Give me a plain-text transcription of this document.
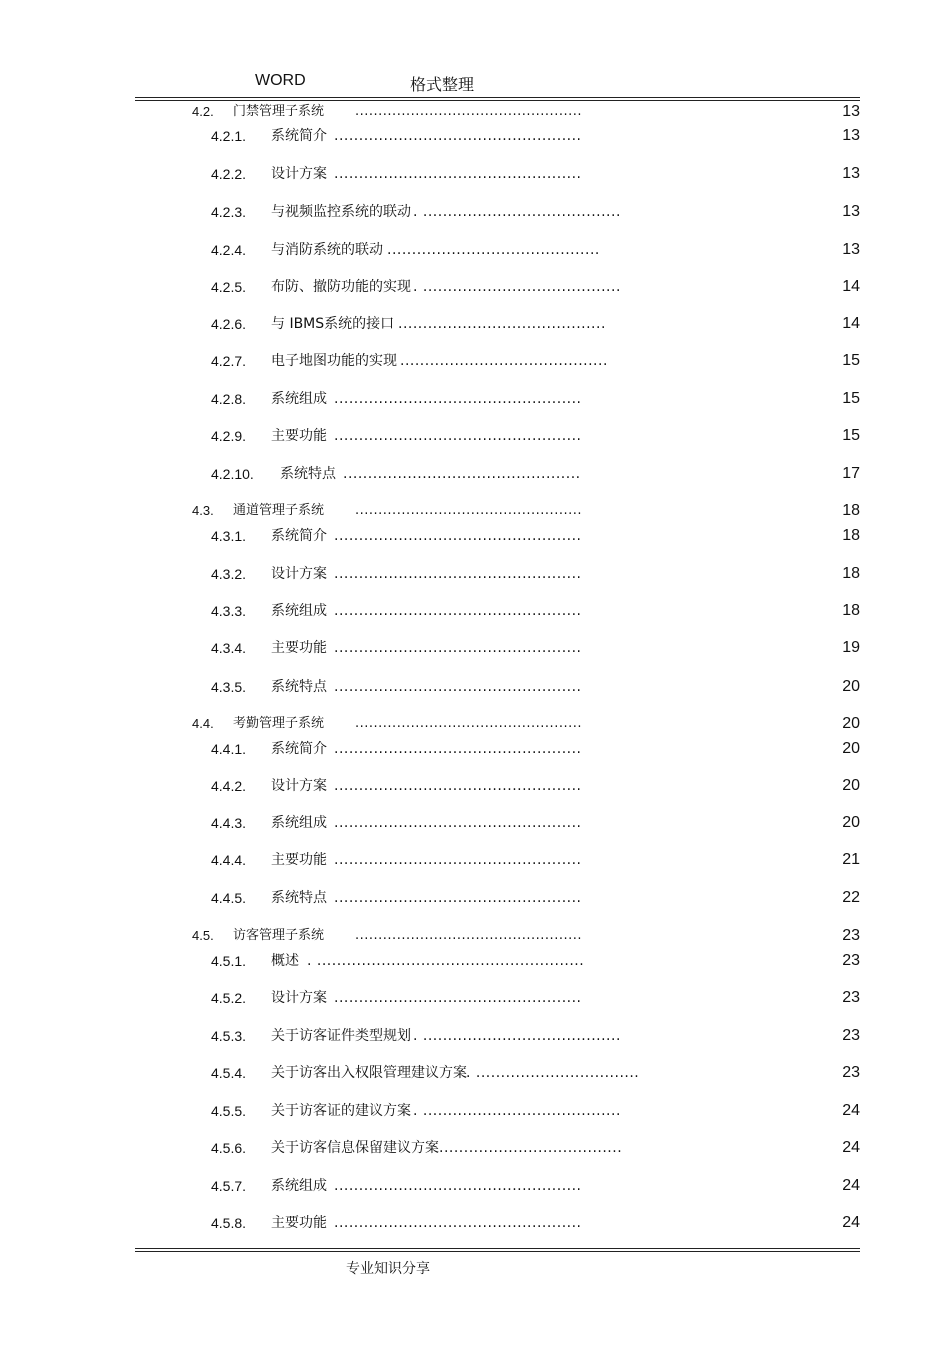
WORD	格式整理
4.2. 门禁管理子系统 .................................................	13
4.2.1. 系统简介 ..................................................	13
4.2.2. 设计方案 ..................................................	13
4.2.3. 与视频监控系统的联动 . ........................................	13
4.2.4. 与消防系统的联动 ...........................................	13
4.2.5. 布防、撤防功能的实现 . ........................................	14
4.2.6. 与 IBMS系统的接口 ..........................................	14
4.2.7. 电子地图功能的实现 ..........................................	15
4.2.8. 系统组成 ..................................................	15
4.2.9. 主要功能 ..................................................	15
4.2.10. 系统特点 ................................................	17
4.3. 通道管理子系统 .................................................	18
4.3.1. 系统简介 ..................................................	18
4.3.2. 设计方案 ..................................................	18
4.3.3. 系统组成 ..................................................	18
4.3.4. 主要功能 ..................................................	19
4.3.5. 系统特点 ..................................................	20
4.4. 考勤管理子系统 .................................................	20
4.4.1. 系统简介 ..................................................	20
4.4.2. 设计方案 ..................................................	20
4.4.3. 系统组成 ..................................................	20
4.4.4. 主要功能 ..................................................	21
4.4.5. 系统特点 ..................................................	22
4.5. 访客管理子系统 .................................................	23
4.5.1. 概述 . ......................................................	23
4.5.2. 设计方案 ..................................................	23
4.5.3. 关于访客证件类型规划 . ........................................	23
4.5.4. 关于访客出入权限管理建议方案 . .................................	23
4.5.5. 关于访客证的建议方案 . ........................................	24
4.5.6. 关于访客信息保留建议方案 .....................................	24
4.5.7. 系统组成 ..................................................	24
4.5.8. 主要功能 ..................................................	24
专业知识分享
